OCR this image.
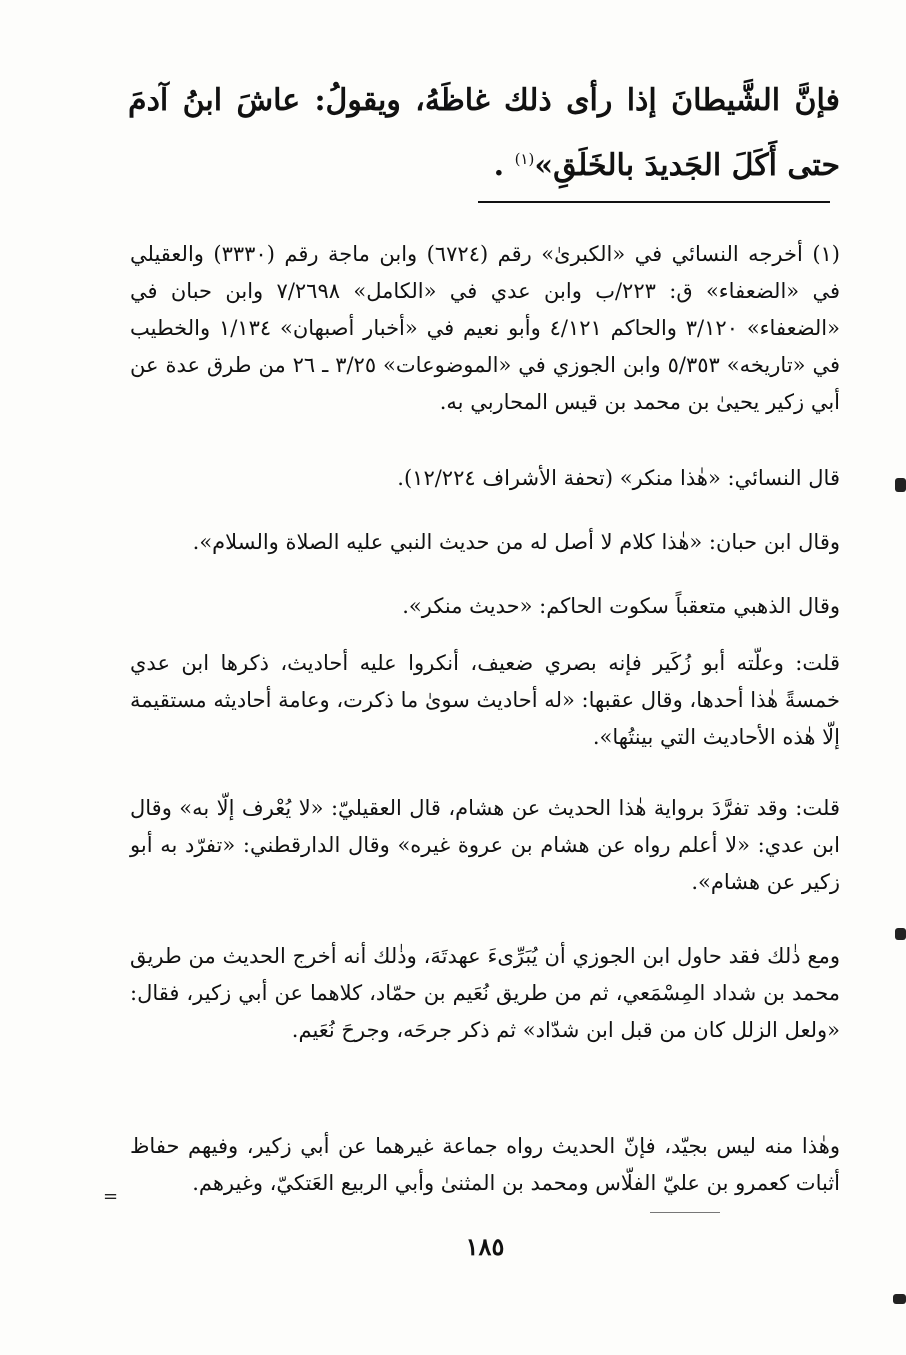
فإنَّ الشَّيطانَ إذا رأى ذلك غاظَهُ، ويقولُ: عاشَ ابنُ آدمَ حتى أَكَلَ الجَديدَ بالخَلَقِ»$^{(١)}$ .
(١) أخرجه النسائي في «الكبرىٰ» رقم (٦٧٢٤) وابن ماجة رقم (٣٣٣٠) والعقيلي في «الضعفاء» ق: ٢٢٣/ب وابن عدي في «الكامل» ٧/٢٦٩٨ وابن حبان في «الضعفاء» ٣/١٢٠ والحاكم ٤/١٢١ وأبو نعيم في «أخبار أصبهان» ١/١٣٤ والخطيب في «تاريخه» ٥/٣٥٣ وابن الجوزي في «الموضوعات» ٣/٢٥ ـ ٢٦ من طرق عدة عن أبي زكير يحيىٰ بن محمد بن قيس المحاربي به.

قال النسائي: «هٰذا منكر» (تحفة الأشراف ١٢/٢٢٤).

وقال ابن حبان: «هٰذا كلام لا أصل له من حديث النبي عليه الصلاة والسلام».

وقال الذهبي متعقباً سكوت الحاكم: «حديث منكر».

قلت: وعلّته أبو زُكَير فإنه بصري ضعيف، أنكروا عليه أحاديث، ذكرها ابن عدي خمسةً هٰذا أحدها، وقال عقبها: «له أحاديث سوىٰ ما ذكرت، وعامة أحاديثه مستقيمة إلّا هٰذه الأحاديث التي بينتُها».

قلت: وقد تفرَّدَ برواية هٰذا الحديث عن هشام، قال العقيليّ: «لا يُعْرف إلّا به» وقال ابن عدي: «لا أعلم رواه عن هشام بن عروة غيره» وقال الدارقطني: «تفرّد به أبو زكير عن هشام».

ومع ذٰلك فقد حاول ابن الجوزي أن يُبَرِّىءَ عهدتَهَ، وذٰلك أنه أخرج الحديث من طريق محمد بن شداد المِسْمَعي، ثم من طريق نُعَيم بن حمّاد، كلاهما عن أبي زكير، فقال: «ولعل الزلل كان من قبل ابن شدّاد» ثم ذكر جرحَه، وجرحَ نُعَيم.

وهٰذا منه ليس بجيّد، فإنّ الحديث رواه جماعة غيرهما عن أبي زكير، وفيهم حفاظ أثبات كعمرو بن عليّ الفلّاس ومحمد بن المثنىٰ وأبي الربيع العَتكيّ، وغيرهم.

=
١٨٥
